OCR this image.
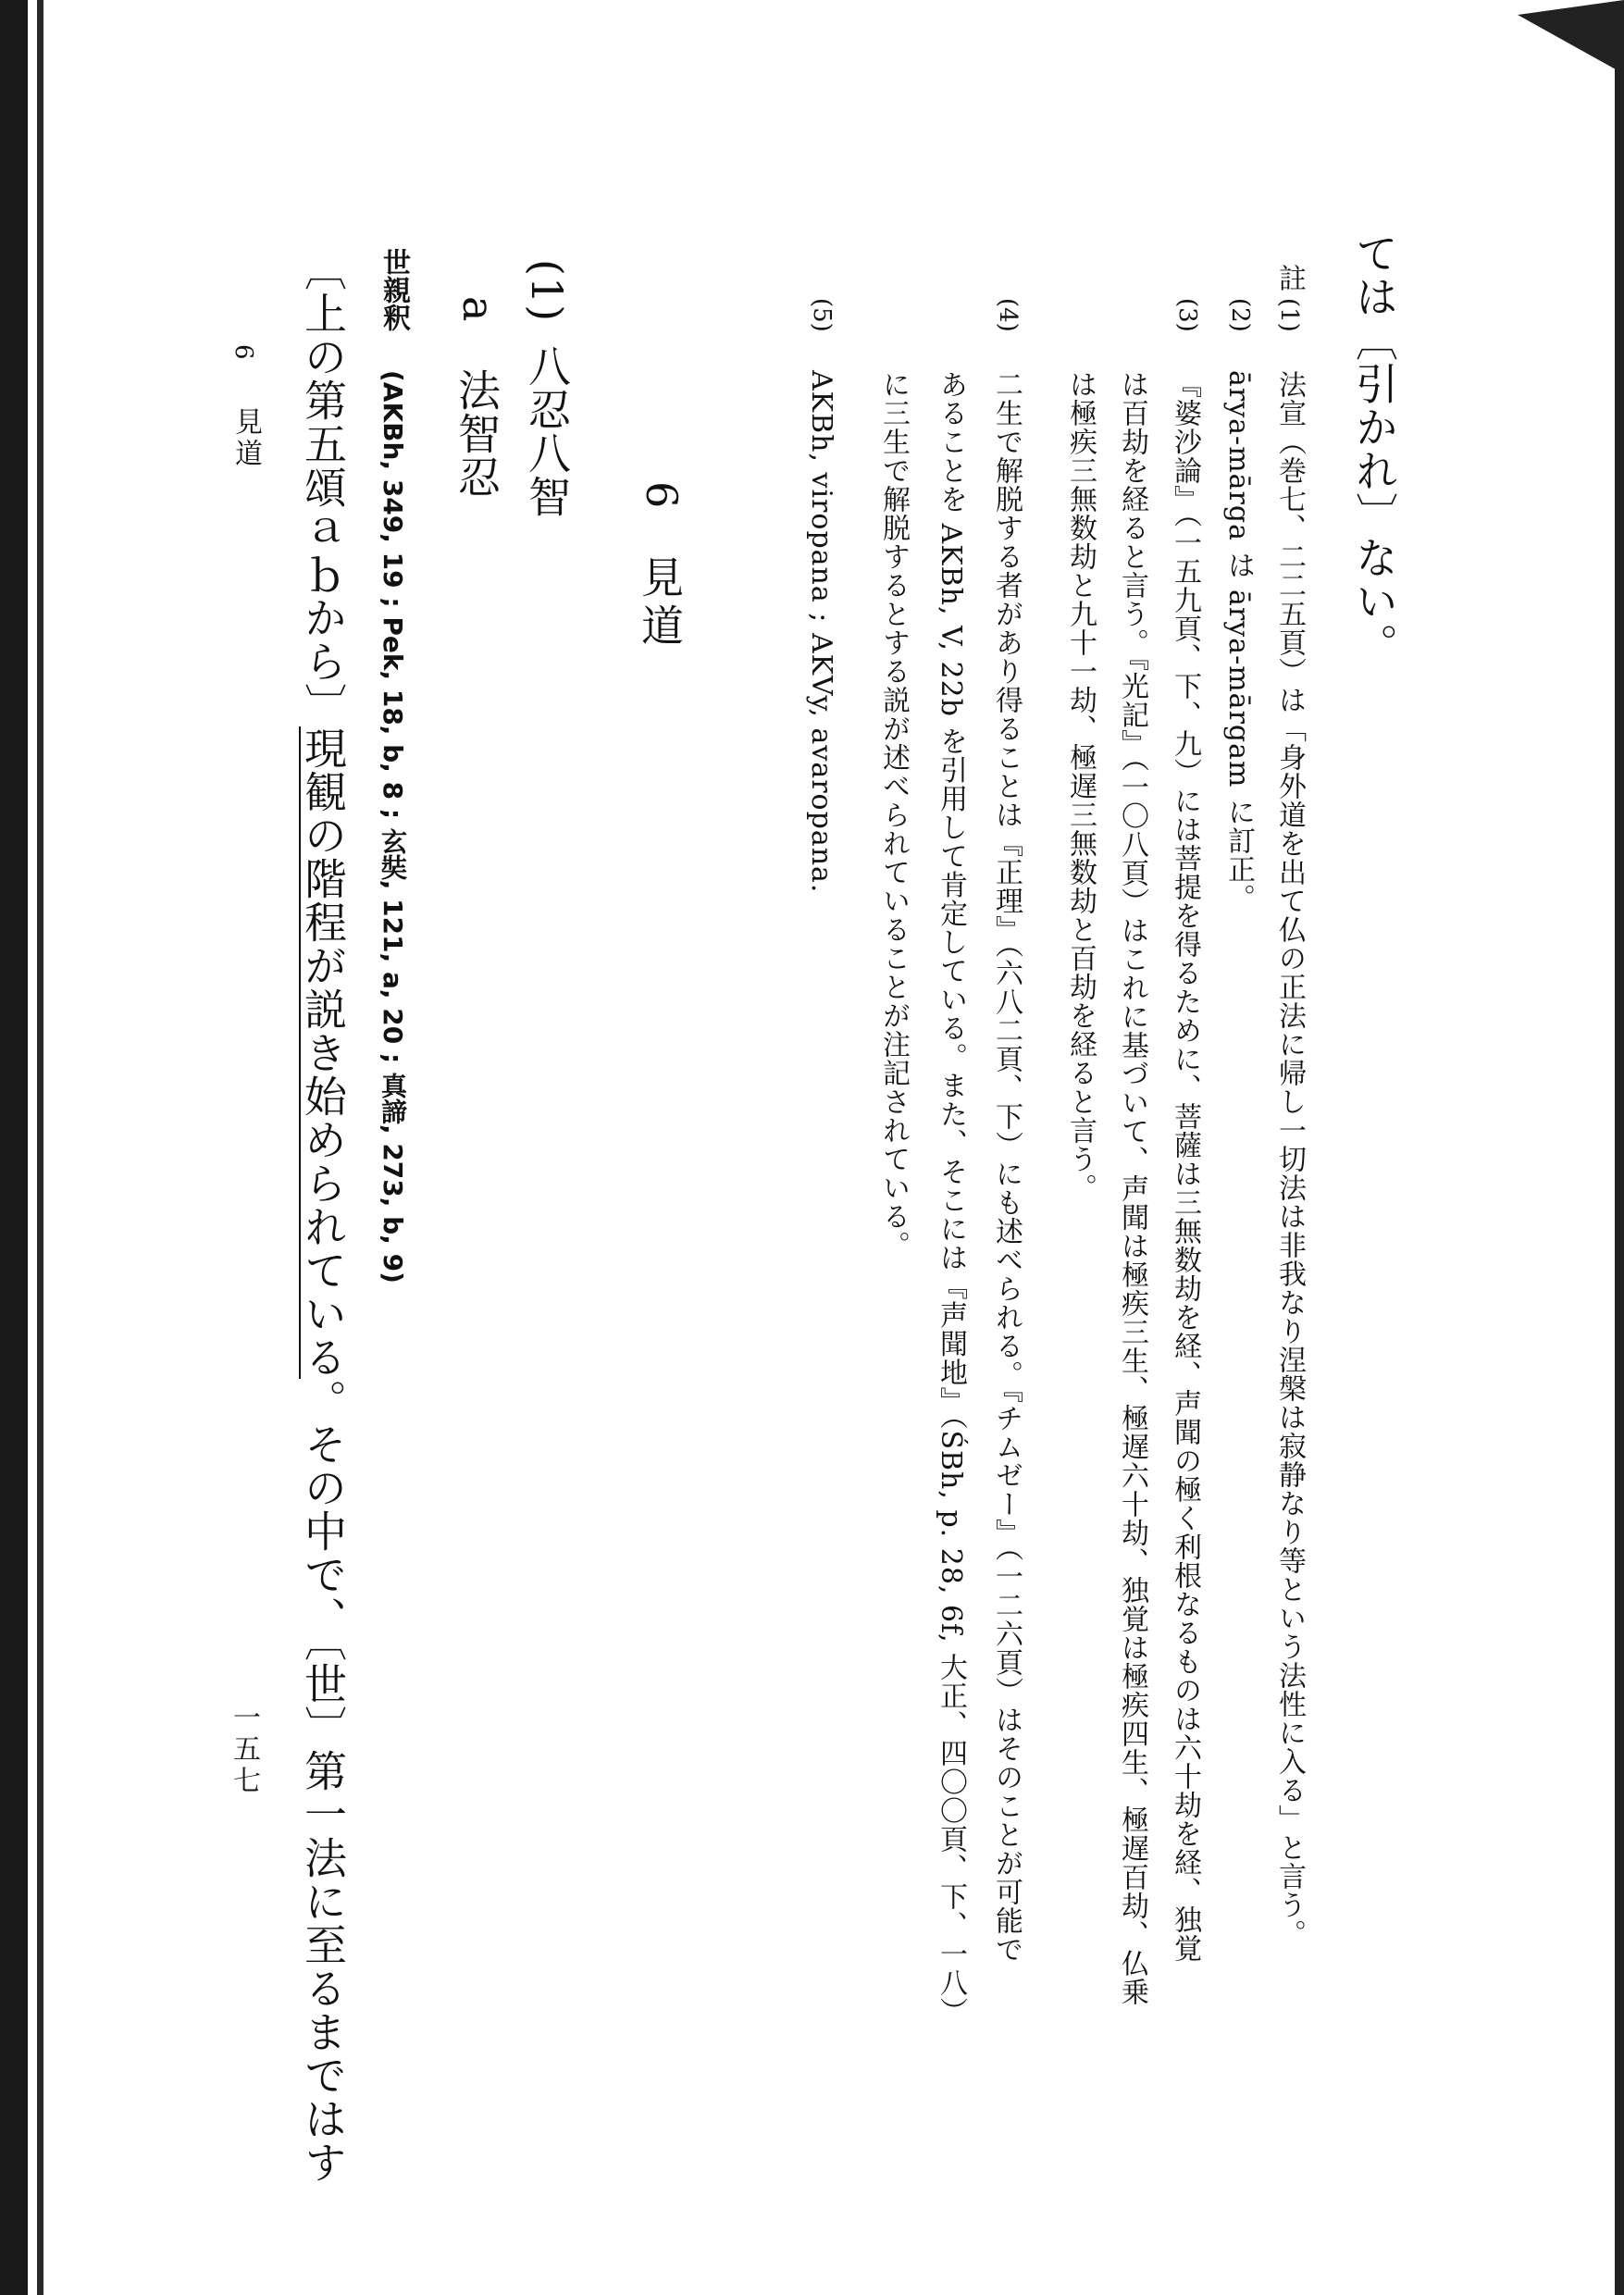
ては〔引かれ〕ない。
註
(1)
法宣（巻七、二二五頁）は「身外道を出て仏の正法に帰し一切法は非我なり涅槃は寂静なり等という法性に入る」と言う。
(2)
ārya-mārga は ārya-mārgam に訂正。
(3)
『婆沙論』（一五九頁、下、九）には菩提を得るために、菩薩は三無数劫を経、声聞の極く利根なるものは六十劫を経、独覚
は百劫を経ると言う。『光記』（一〇八頁）はこれに基づいて、声聞は極疾三生、極遅六十劫、独覚は極疾四生、極遅百劫、仏乗
は極疾三無数劫と九十一劫、極遅三無数劫と百劫を経ると言う。
(4)
二生で解脱する者があり得ることは『正理』（六八二頁、下）にも述べられる。『チムゼー』（一二六頁）はそのことが可能で
あることを AKBh, V, 22b を引用して肯定している。また、そこには『声聞地』（ŚBh, p. 28, 6f, 大正、四〇〇頁、下、一八）
に三生で解脱するとする説が述べられていることが注記されている。
(5)
AKBh, viropana ; AKVy, avaropana.
6
見道
(1)
八忍八智
a
法智忍
世親釈
(AKBh, 349, 19 ; Pek, 18, b, 8 ; 玄奘, 121, a, 20 ; 真諦, 273, b, 9)
〔上の第五頌ａｂから〕現観の階程が説き始められている。その中で、〔世〕第一法に至るまではす
一五七
6
見道
